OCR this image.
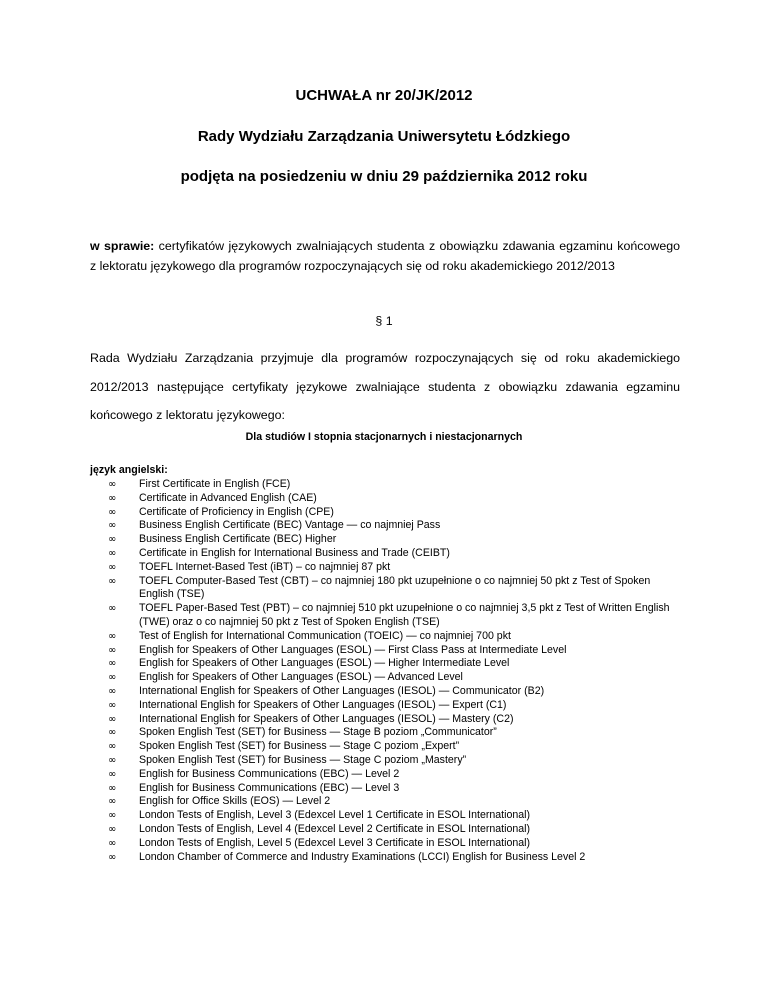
UCHWAŁA nr 20/JK/2012
Rady Wydziału Zarządzania Uniwersytetu Łódzkiego
podjęta na posiedzeniu w dniu 29 października 2012 roku
w sprawie: certyfikatów językowych zwalniających studenta z obowiązku zdawania egzaminu końcowego z lektoratu językowego dla programów rozpoczynających się od roku akademickiego 2012/2013
§ 1
Rada Wydziału Zarządzania przyjmuje dla programów rozpoczynających się od roku akademickiego 2012/2013 następujące certyfikaty językowe zwalniające studenta z obowiązku zdawania egzaminu końcowego z lektoratu językowego:
Dla studiów I stopnia stacjonarnych i niestacjonarnych
język angielski:
∞ First Certificate in English (FCE)
∞ Certificate in Advanced English (CAE)
∞ Certificate of Proficiency in English (CPE)
∞ Business English Certificate (BEC) Vantage — co najmniej Pass
∞ Business English Certificate (BEC) Higher
∞ Certificate in English for International Business and Trade (CEIBT)
∞ TOEFL Internet-Based Test (iBT) – co najmniej 87 pkt
∞ TOEFL Computer-Based Test (CBT) – co najmniej 180 pkt uzupełnione o co najmniej 50 pkt z Test of Spoken English (TSE)
∞ TOEFL Paper-Based Test (PBT) – co najmniej 510 pkt uzupełnione o co najmniej 3,5 pkt z Test of Written English (TWE) oraz o co najmniej 50 pkt z Test of Spoken English (TSE)
∞ Test of English for International Communication (TOEIC) — co najmniej 700 pkt
∞ English for Speakers of Other Languages (ESOL) — First Class Pass at Intermediate Level
∞ English for Speakers of Other Languages (ESOL) — Higher Intermediate Level
∞ English for Speakers of Other Languages (ESOL) — Advanced Level
∞ International English for Speakers of Other Languages (IESOL) — Communicator (B2)
∞ International English for Speakers of Other Languages (IESOL) — Expert (C1)
∞ International English for Speakers of Other Languages (IESOL) — Mastery (C2)
∞ Spoken English Test (SET) for Business — Stage B poziom „Communicator”
∞ Spoken English Test (SET) for Business — Stage C poziom „Expert”
∞ Spoken English Test (SET) for Business — Stage C poziom „Mastery”
∞ English for Business Communications (EBC) — Level 2
∞ English for Business Communications (EBC) — Level 3
∞ English for Office Skills (EOS) — Level 2
∞ London Tests of English, Level 3 (Edexcel Level 1 Certificate in ESOL International)
∞ London Tests of English, Level 4 (Edexcel Level 2 Certificate in ESOL International)
∞ London Tests of English, Level 5 (Edexcel Level 3 Certificate in ESOL International)
∞ London Chamber of Commerce and Industry Examinations (LCCI) English for Business Level 2
